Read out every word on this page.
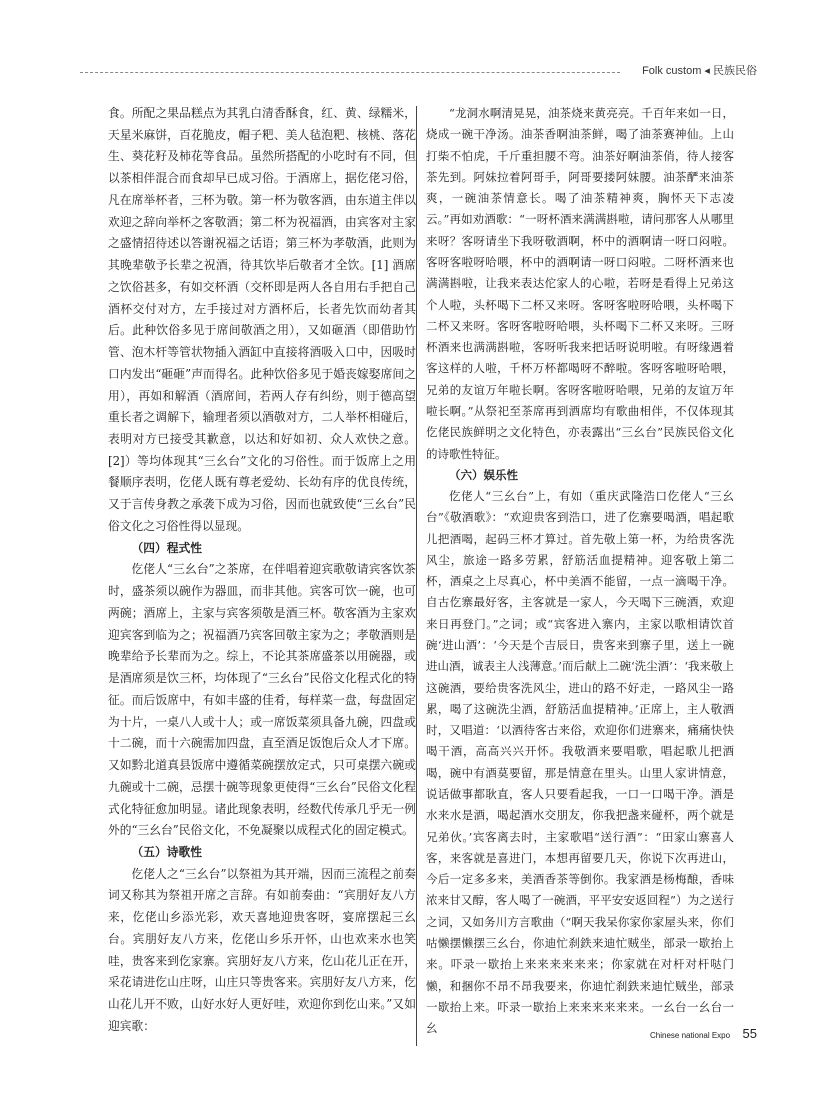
Folk custom ◂ 民族民俗

食。所配之果品糕点为其乳白清香酥食，红、黄、绿糯米，天星米麻饼，百花脆皮，帽子粑、美人毡泡粑、核桃、落花生、葵花籽及柿花等食品。虽然所搭配的小吃时有不同，但以茶相伴混合而食却早已成习俗。于酒席上，据仡佬习俗，凡在席举杯者，三杯为敬。第一杯为敬客酒，由东道主伴以欢迎之辞向举杯之客敬酒；第二杯为祝福酒，由宾客对主家之盛情招待述以答谢祝福之话语；第三杯为孝敬酒，此则为其晚辈敬予长辈之祝酒，待其饮毕后敬者才全饮。[1] 酒席之饮俗甚多，有如交杯酒（交杯即是两人各自用右手把自己酒杯交付对方，左手接过对方酒杯后，长者先饮而幼者其后。此种饮俗多见于席间敬酒之用），又如砸酒（即借助竹管、泡木杆等管状物插入酒缸中直接将酒吸入口中，因吸时口内发出“砸砸”声而得名。此种饮俗多见于婚丧嫁娶席间之用），再如和解酒（酒席间，若两人存有纠纷，则于德高望重长者之调解下，输理者须以酒敬对方，二人举杯相碰后，表明对方已接受其歉意，以达和好如初、众人欢快之意。[2]）等均体现其“三幺台”文化的习俗性。而于饭席上之用餐顺序表明，仡佬人既有尊老爱幼、长幼有序的优良传统，又于言传身教之承袭下成为习俗，因而也就致使“三幺台”民俗文化之习俗性得以显现。

（四）程式性

仡佬人“三幺台”之茶席，在伴唱着迎宾歌敬请宾客饮茶时，盛茶须以碗作为器皿，而非其他。宾客可饮一碗，也可两碗；酒席上，主家与宾客须敬是酒三杯。敬客酒为主家欢迎宾客到临为之；祝福酒乃宾客回敬主家为之；孝敬酒则是晚辈给予长辈而为之。综上，不论其茶席盛茶以用碗器，或是酒席须是饮三杯，均体现了“三幺台”民俗文化程式化的特征。而后饭席中，有如丰盛的佳肴，每样菜一盘，每盘固定为十片，一桌八人或十人；或一席饭菜须具备九碗，四盘或十二碗，而十六碗需加四盘，直至酒足饭饱后众人才下席。又如黔北道真县饭席中遵循菜碗摆放定式，只可桌摆六碗或九碗或十二碗，忌摆十碗等现象更使得“三幺台”民俗文化程式化特征愈加明显。诸此现象表明，经数代传承几乎无一例外的“三幺台”民俗文化，不免凝聚以成程式化的固定模式。

（五）诗歌性

仡佬人之“三幺台”以祭祖为其开端，因而三流程之前奏词又称其为祭祖开席之言辞。有如前奏曲：“宾朋好友八方来，仡佬山乡添光彩，欢天喜地迎贵客呀，宴席摆起三幺台。宾朋好友八方来，仡佬山乡乐开怀，山也欢来水也笑哇，贵客来到仡家寨。宾朋好友八方来，仡山花儿正在开，采花请进仡山庄呀，山庄只等贵客来。宾朋好友八方来，仡山花儿开不败，山好水好人更好哇，欢迎你到仡山来。”又如迎宾歌：

“龙洞水啊清晃晃，油茶烧来黄亮亮。千百年来如一日，烧成一碗干净汤。油茶香啊油茶鲜，喝了油茶赛神仙。上山打柴不怕虎，千斤重担腰不弯。油茶好啊油茶俏，待人接客茶先到。阿妹拉着阿哥手，阿哥要搂阿妹腰。油茶酽来油茶爽，一碗油茶情意长。喝了油茶精神爽，胸怀天下志凌云。”再如劝酒歌：“一呀杯酒来满满斟啦，请问那客人从哪里来呀？客呀请坐下我呀敬酒啊，杯中的酒啊请一呀口闷啦。客呀客啦呀哈喂，杯中的酒啊请一呀口闷啦。二呀杯酒来也满满斟啦，让我来表达佗家人的心啦，若呀是看得上兄弟这个人啦，头杯喝下二杯又来呀。客呀客啦呀哈喂，头杯喝下二杯又来呀。客呀客啦呀哈喂，头杯喝下二杯又来呀。三呀杯酒来也满满斟啦，客呀听我来把话呀说明啦。有呀缘遇着客这样的人啦，千杯万杯都喝呀不醉啦。客呀客啦呀哈喂，兄弟的友谊万年啦长啊。客呀客啦呀哈喂，兄弟的友谊万年啦长啊。”从祭祀至茶席再到酒席均有歌曲相伴，不仅体现其仡佬民族鲜明之文化特色，亦表露出“三幺台”民族民俗文化的诗歌性特征。

（六）娱乐性

仡佬人“三幺台”上，有如（重庆武隆浩口仡佬人“三幺台”《敬酒歌》：“欢迎贵客到浩口，进了仡寨要喝酒，唱起歌儿把酒喝，起码三杯才算过。首先敬上第一杯，为给贵客洗风尘，旅途一路多劳累，舒筋活血提精神。迎客敬上第二杯，酒桌之上尽真心，杯中美酒不能留，一点一滴喝干净。自古仡寨最好客，主客就是一家人，今天喝下三碗酒，欢迎来日再登门。”之词；或“宾客进入寨内，主家以歌相请饮首碗‘进山酒’：‘今天是个吉辰日，贵客来到寨子里，送上一碗进山酒，诚表主人浅薄意。’而后献上二碗‘洗尘酒’：‘我来敬上这碗酒，要给贵客洗风尘，进山的路不好走，一路风尘一路累，喝了这碗洗尘酒，舒筋活血提精神。’正席上，主人敬酒时，又唱道：‘以酒待客古来俗，欢迎你们进寨来，痛痛快快喝干酒，高高兴兴开怀。我敬酒来要唱歌，唱起歌儿把酒喝，碗中有酒莫要留，那是情意在里头。山里人家讲情意，说话做事都耿直，客人只要看起我，一口一口喝干净。酒是水来水是酒，喝起酒水交朋友，你我把盏来碰杯，两个就是兄弟伙。’宾客离去时，主家歌唱“送行酒”：“田家山寨喜人客，来客就是喜进门，本想再留要几天，你说下次再进山，今后一定多多来，美酒香茶等倒你。我家酒是杨梅酿，香味浓来甘又醇，客人喝了一碗酒，平平安安返回程”）为之送行之词，又如务川方言歌曲（“啊天我呆你家你家屋头来，你们咕懒摆懒摆三幺台，你迪忙刹鉄来迪忙贼坐，部录一歇抬上来。吓录一歇抬上来来来来来来；你家就在对杆对杆哒门懒，和捆你不昂不昂我要来，你迪忙刹鉄来迪忙贼坐，部录一歇抬上来。吓录一歇抬上来来来来来来。一幺台一幺台一幺

Chinese national Expo 55
